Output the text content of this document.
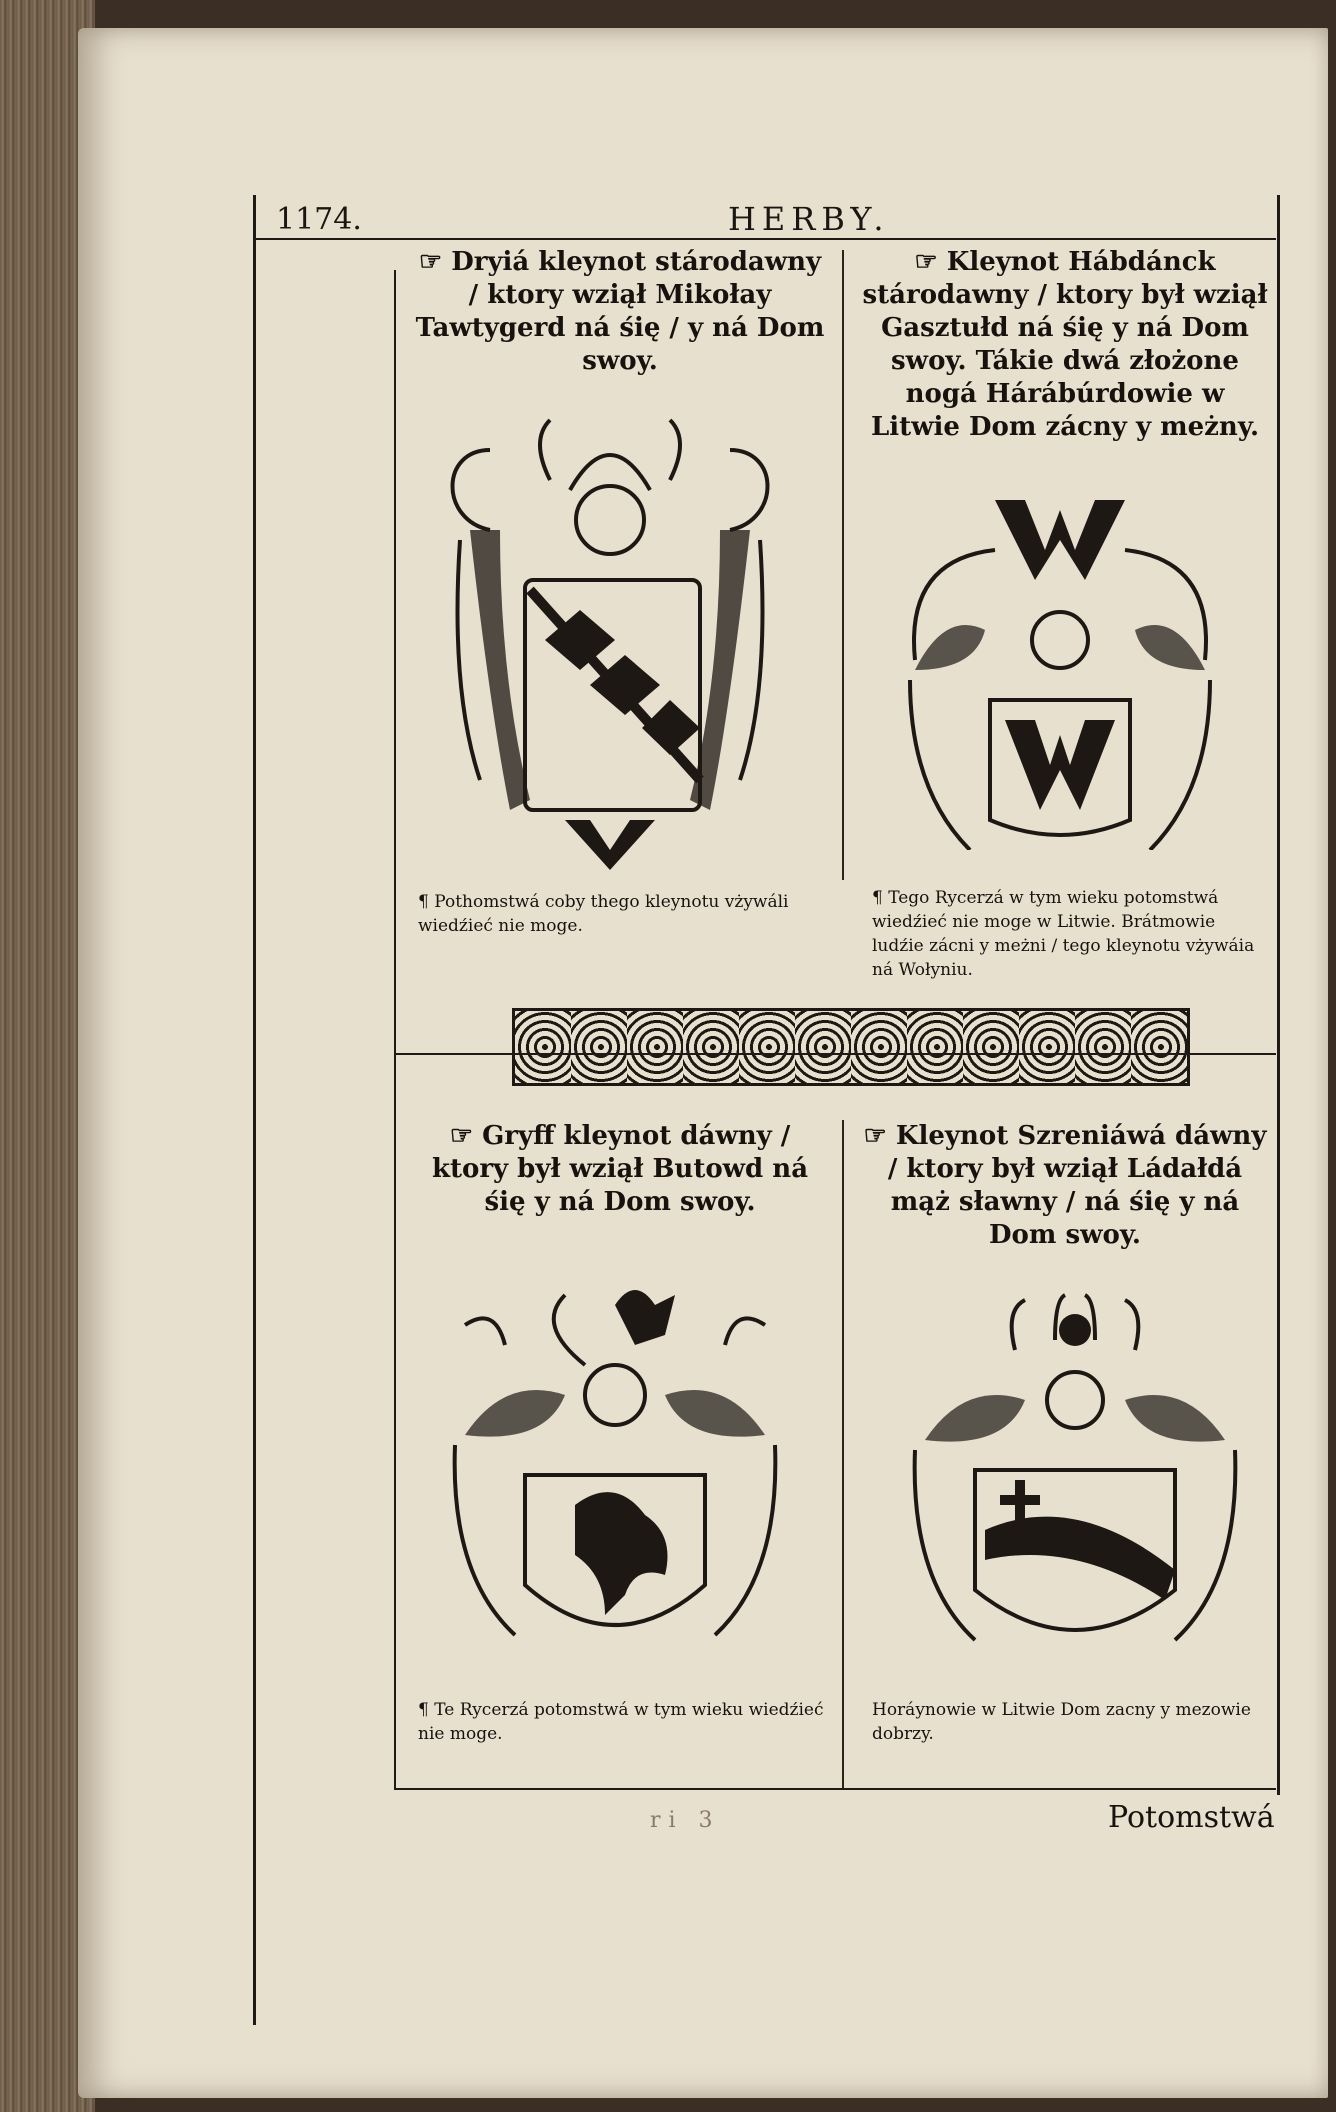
1174.	HERBY.
☞ Dryiá kleynot stárodawny / ktory wziął Mikołay Tawtygerd ná śię / y ná Dom swoy.
¶ Pothomstwá coby thego kleynotu vżywáli wiedźieć nie moge.
☞ Kleynot Hábdánck stárodawny / ktory był wziął Gasztułd ná śię y ná Dom swoy. Tákie dwá złożone nogá Hárábúrdowie w Litwie Dom zácny y meżny.
¶ Tego Rycerzá w tym wieku potomstwá wiedźieć nie moge w Litwie. Brátmowie ludźie zácni y meżni / tego kleynotu vżywáia ná Wołyniu.
☞ Gryff kleynot dáwny / ktory był wziął Butowd ná śię y ná Dom swoy.
¶ Te Rycerzá potomstwá w tym wieku wiedźieć nie moge.
☞ Kleynot Szreniáwá dáwny / ktory był wziął Ládałdá mąż sławny / ná śię y ná Dom swoy.
Horáynowie w Litwie Dom zacny y mezowie dobrzy.
ri 3	Potomstwá
